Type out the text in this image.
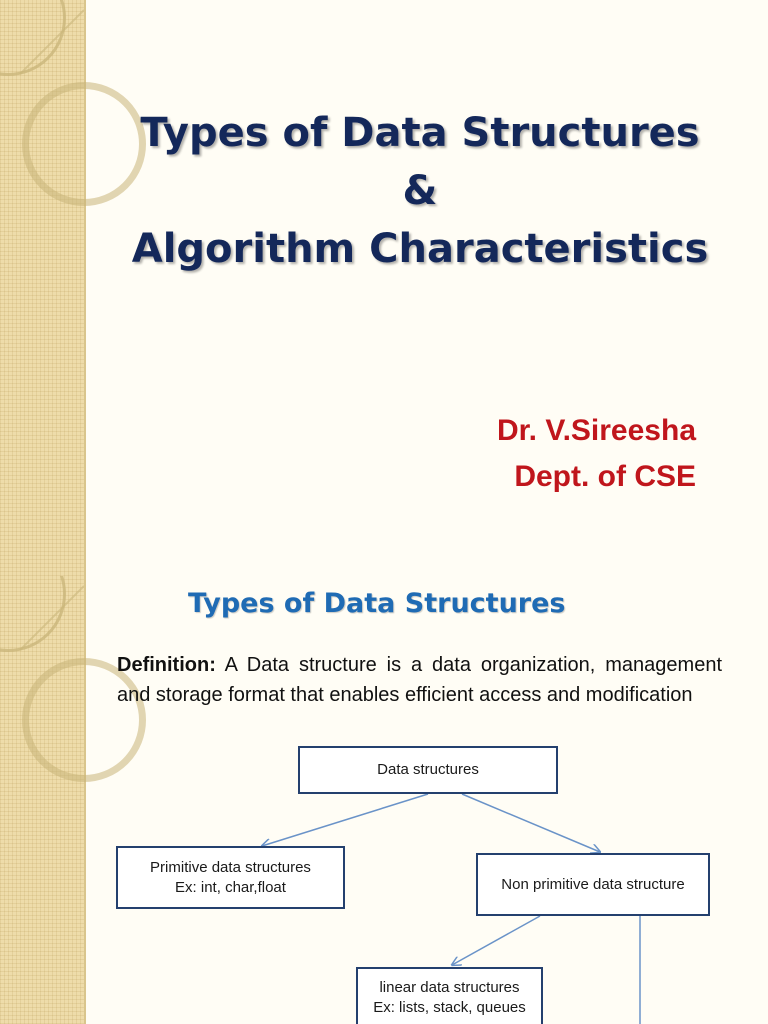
Types of Data Structures
&
Algorithm Characteristics
Dr. V.Sireesha
Dept. of CSE
Types of Data Structures

Definition: A Data structure is a data organization, management and storage format that enables efficient access and modification

Data structures
Primitive data structures
Ex: int, char,float	Non primitive data structure
linear data structures
Ex: lists, stack, queues
